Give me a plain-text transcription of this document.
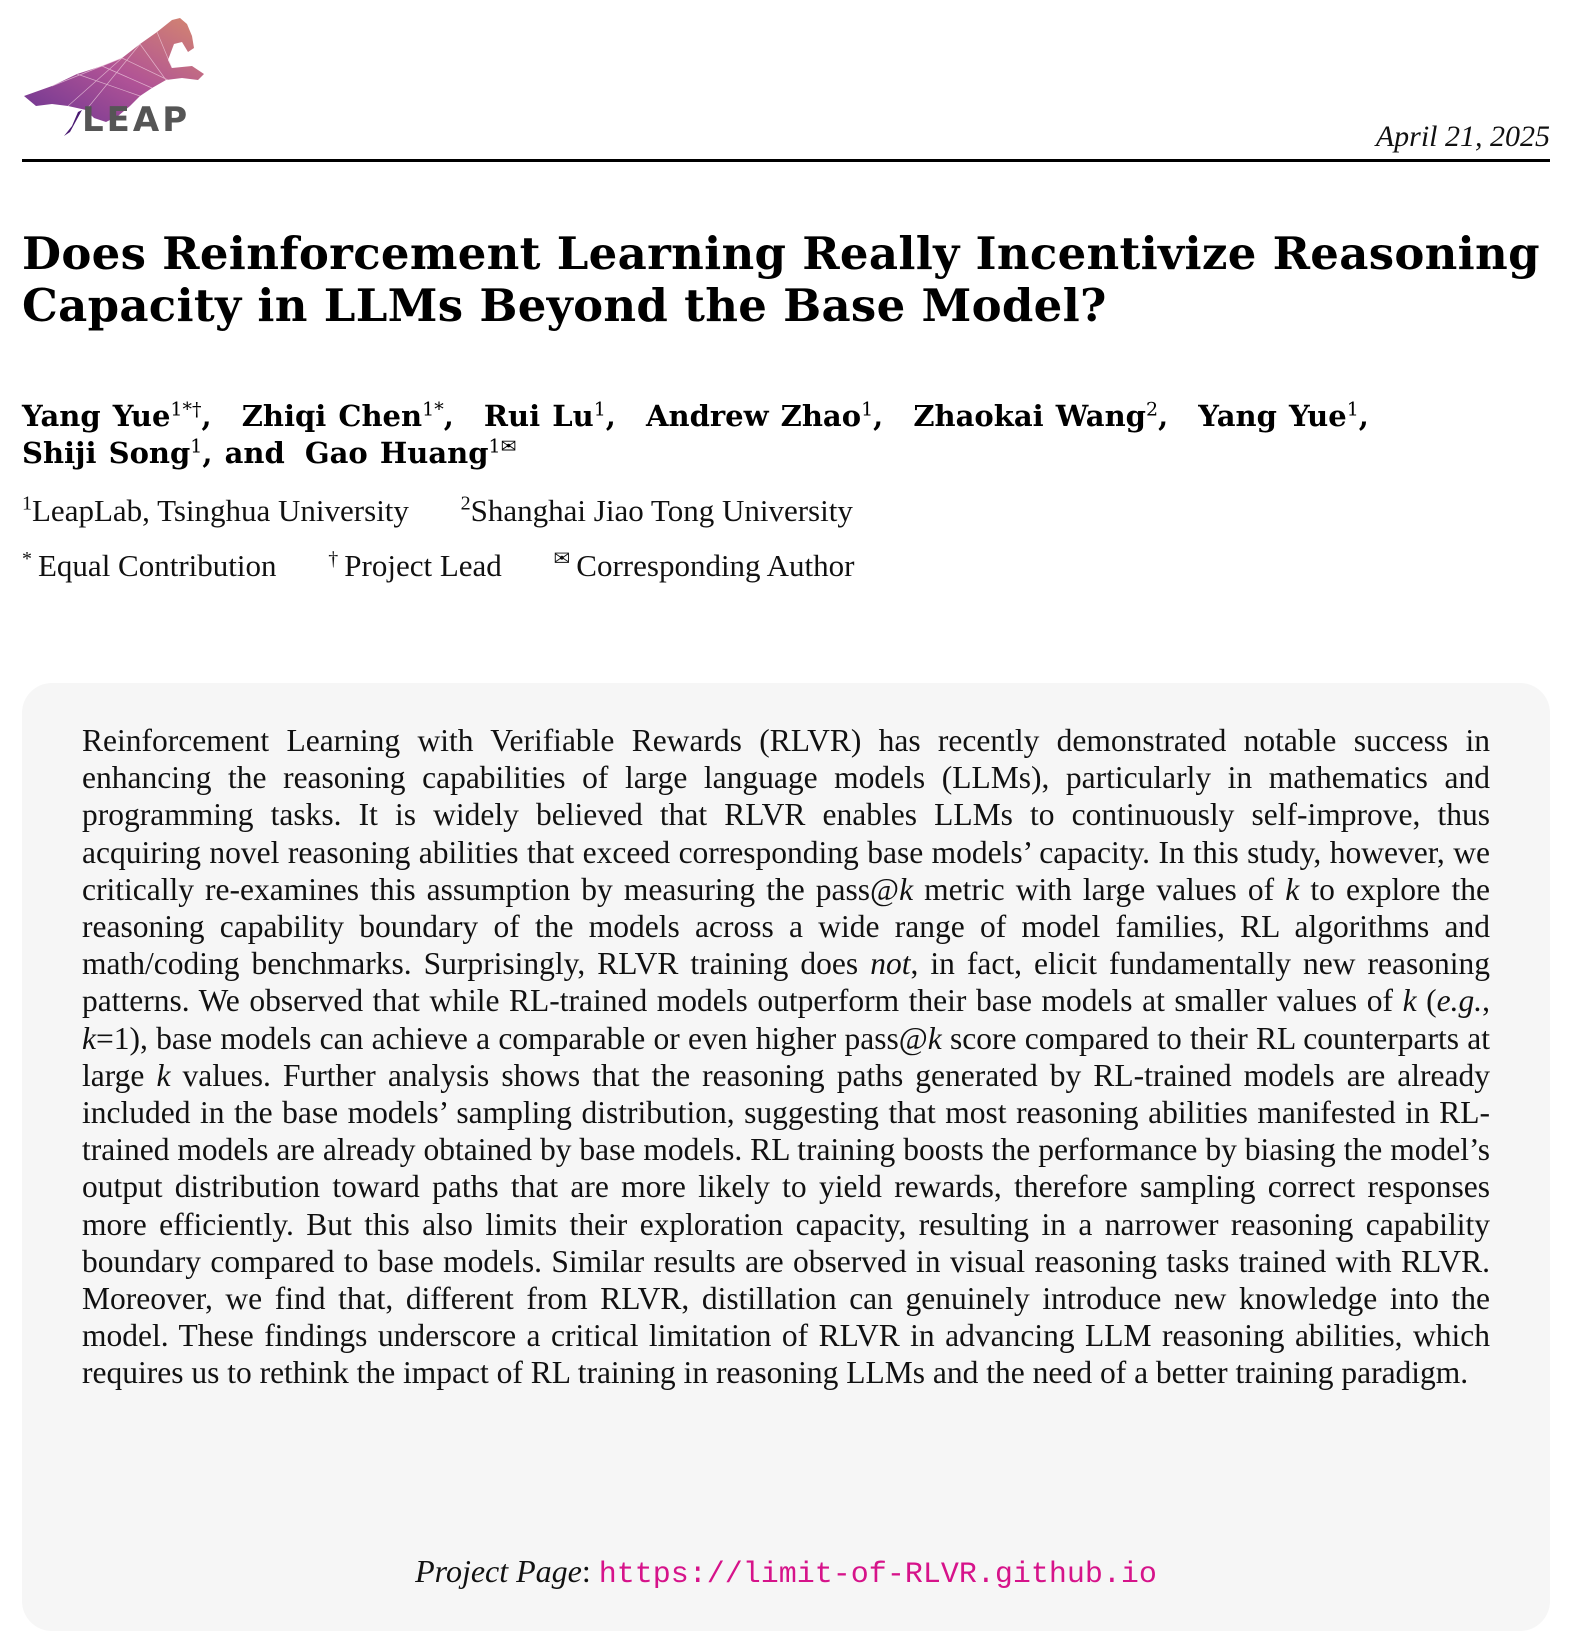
LEAP	April 21, 2025
Does Reinforcement Learning Really Incentivize Reasoning Capacity in LLMs Beyond the Base Model?
Yang Yue$^{1*\dagger}$, Zhiqi Chen$^{1*}$, Rui Lu$^1$, Andrew Zhao$^1$, Zhaokai Wang$^2$, Yang Yue$^1$,
Shiji Song$^1$, and Gao Huang$^{1✉}$
$^1$LeapLab, Tsinghua University	$^2$Shanghai Jiao Tong University
* Equal Contribution	† Project Lead	✉ Corresponding Author

Reinforcement Learning with Verifiable Rewards (RLVR) has recently demonstrated notable success in enhancing the reasoning capabilities of large language models (LLMs), particularly in mathematics and programming tasks. It is widely believed that RLVR enables LLMs to continuously self-improve, thus acquiring novel reasoning abilities that exceed corresponding base models’ capacity. In this study, however, we critically re-examines this assumption by measuring the pass@k metric with large values of k to explore the reasoning capability boundary of the models across a wide range of model families, RL algorithms and math/coding benchmarks. Surprisingly, RLVR training does not, in fact, elicit fundamentally new reasoning patterns. We observed that while RL-trained models outperform their base models at smaller values of k (e.g., k=1), base models can achieve a comparable or even higher pass@k score compared to their RL counterparts at large k values. Further analysis shows that the reasoning paths generated by RL-trained models are already included in the base models’ sampling distribution, suggesting that most reasoning abilities manifested in RL-trained models are already obtained by base models. RL training boosts the performance by biasing the model’s output distribution toward paths that are more likely to yield rewards, therefore sampling correct responses more efficiently. But this also limits their exploration capacity, resulting in a narrower reasoning capability boundary compared to base models. Similar results are observed in visual reasoning tasks trained with RLVR. Moreover, we find that, different from RLVR, distillation can genuinely introduce new knowledge into the model. These findings underscore a critical limitation of RLVR in advancing LLM reasoning abilities, which requires us to rethink the impact of RL training in reasoning LLMs and the need of a better training paradigm.

Project Page: https://limit-of-RLVR.github.io
